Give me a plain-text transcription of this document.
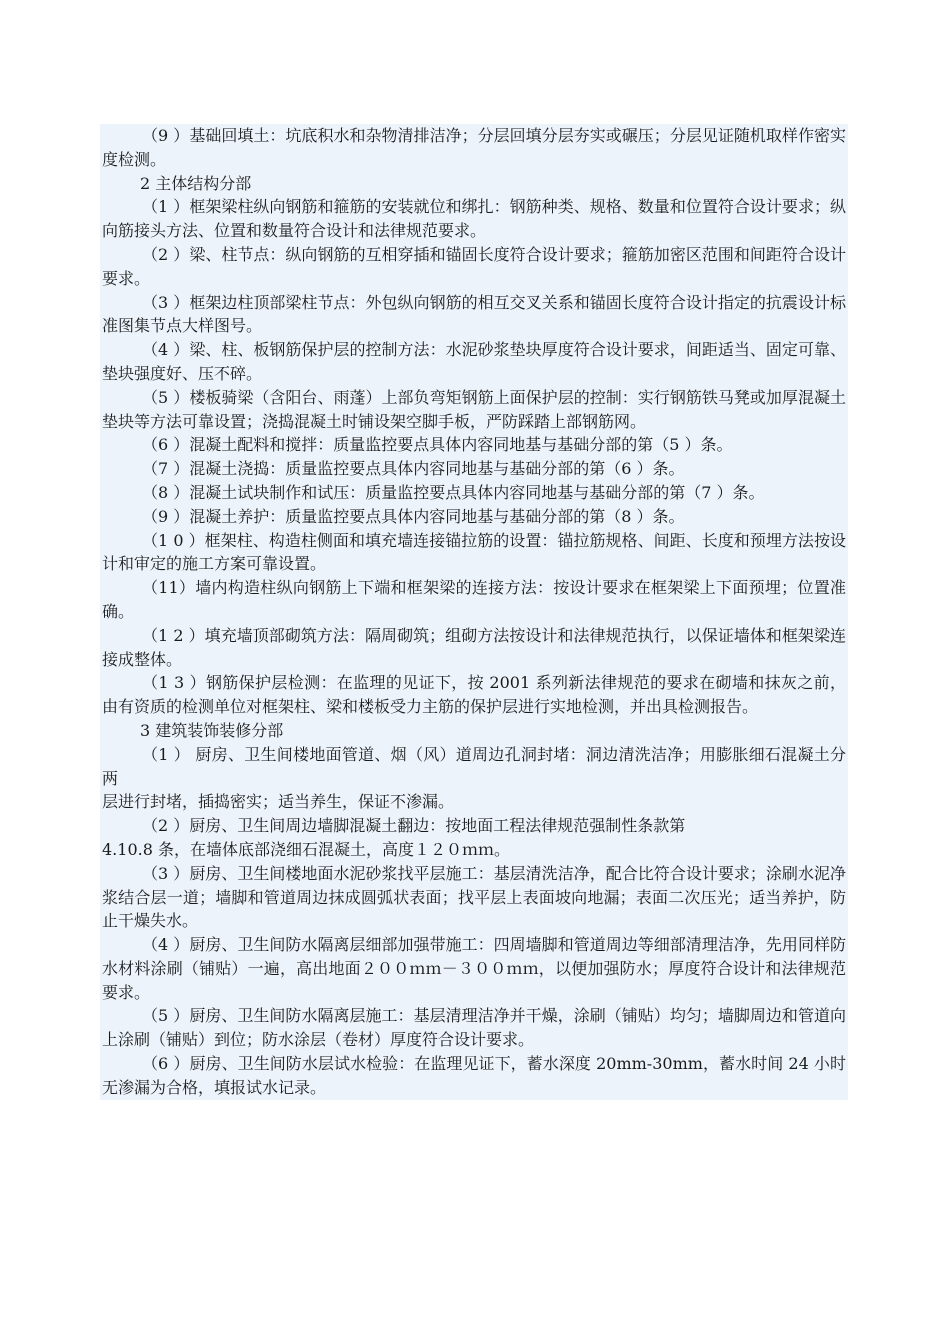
（9 ）基础回填土：坑底积水和杂物清排洁净；分层回填分层夯实或碾压；分层见证随机取样作密实度检测。

2 主体结构分部

（1 ）框架梁柱纵向钢筋和箍筋的安装就位和绑扎：钢筋种类、规格、数量和位置符合设计要求；纵向筋接头方法、位置和数量符合设计和法律规范要求。

（2 ）梁、柱节点：纵向钢筋的互相穿插和锚固长度符合设计要求；箍筋加密区范围和间距符合设计要求。

（3 ）框架边柱顶部梁柱节点：外包纵向钢筋的相互交叉关系和锚固长度符合设计指定的抗震设计标准图集节点大样图号。

（4 ）梁、柱、板钢筋保护层的控制方法：水泥砂浆垫块厚度符合设计要求，间距适当、固定可靠、垫块强度好、压不碎。

（5 ）楼板骑梁（含阳台、雨蓬）上部负弯矩钢筋上面保护层的控制：实行钢筋铁马凳或加厚混凝土垫块等方法可靠设置；浇捣混凝土时铺设架空脚手板，严防踩踏上部钢筋网。

（6 ）混凝土配料和搅拌：质量监控要点具体内容同地基与基础分部的第（5 ）条。

（7 ）混凝土浇捣：质量监控要点具体内容同地基与基础分部的第（6 ）条。

（8 ）混凝土试块制作和试压：质量监控要点具体内容同地基与基础分部的第（7 ）条。

（9 ）混凝土养护：质量监控要点具体内容同地基与基础分部的第（8 ）条。

（1 0 ）框架柱、构造柱侧面和填充墙连接锚拉筋的设置：锚拉筋规格、间距、长度和预埋方法按设计和审定的施工方案可靠设置。

（11）墙内构造柱纵向钢筋上下端和框架梁的连接方法：按设计要求在框架梁上下面预埋；位置准确。

（1 2 ）填充墙顶部砌筑方法：隔周砌筑；组砌方法按设计和法律规范执行，以保证墙体和框架梁连接成整体。

（1 3 ）钢筋保护层检测：在监理的见证下，按 2001 系列新法律规范的要求在砌墙和抹灰之前，由有资质的检测单位对框架柱、梁和楼板受力主筋的保护层进行实地检测，并出具检测报告。

3 建筑装饰装修分部

（1 ） 厨房、卫生间楼地面管道、烟（风）道周边孔洞封堵：洞边清洗洁净；用膨胀细石混凝土分两

层进行封堵，插捣密实；适当养生，保证不渗漏。

（2 ）厨房、卫生间周边墙脚混凝土翻边：按地面工程法律规范强制性条款第

4.10.8 条，在墙体底部浇细石混凝土，高度１２０ｍｍ。

（3 ）厨房、卫生间楼地面水泥砂浆找平层施工：基层清洗洁净，配合比符合设计要求；涂刷水泥净浆结合层一道；墙脚和管道周边抹成圆弧状表面；找平层上表面坡向地漏；表面二次压光；适当养护，防止干燥失水。

（4 ）厨房、卫生间防水隔离层细部加强带施工：四周墙脚和管道周边等细部清理洁净，先用同样防水材料涂刷（铺贴）一遍，高出地面２００ｍｍ－３００ｍｍ，以便加强防水；厚度符合设计和法律规范要求。

（5 ）厨房、卫生间防水隔离层施工：基层清理洁净并干燥，涂刷（铺贴）均匀；墙脚周边和管道向上涂刷（铺贴）到位；防水涂层（卷材）厚度符合设计要求。

（6 ）厨房、卫生间防水层试水检验：在监理见证下，蓄水深度 20mm-30mm，蓄水时间 24 小时无渗漏为合格，填报试水记录。
